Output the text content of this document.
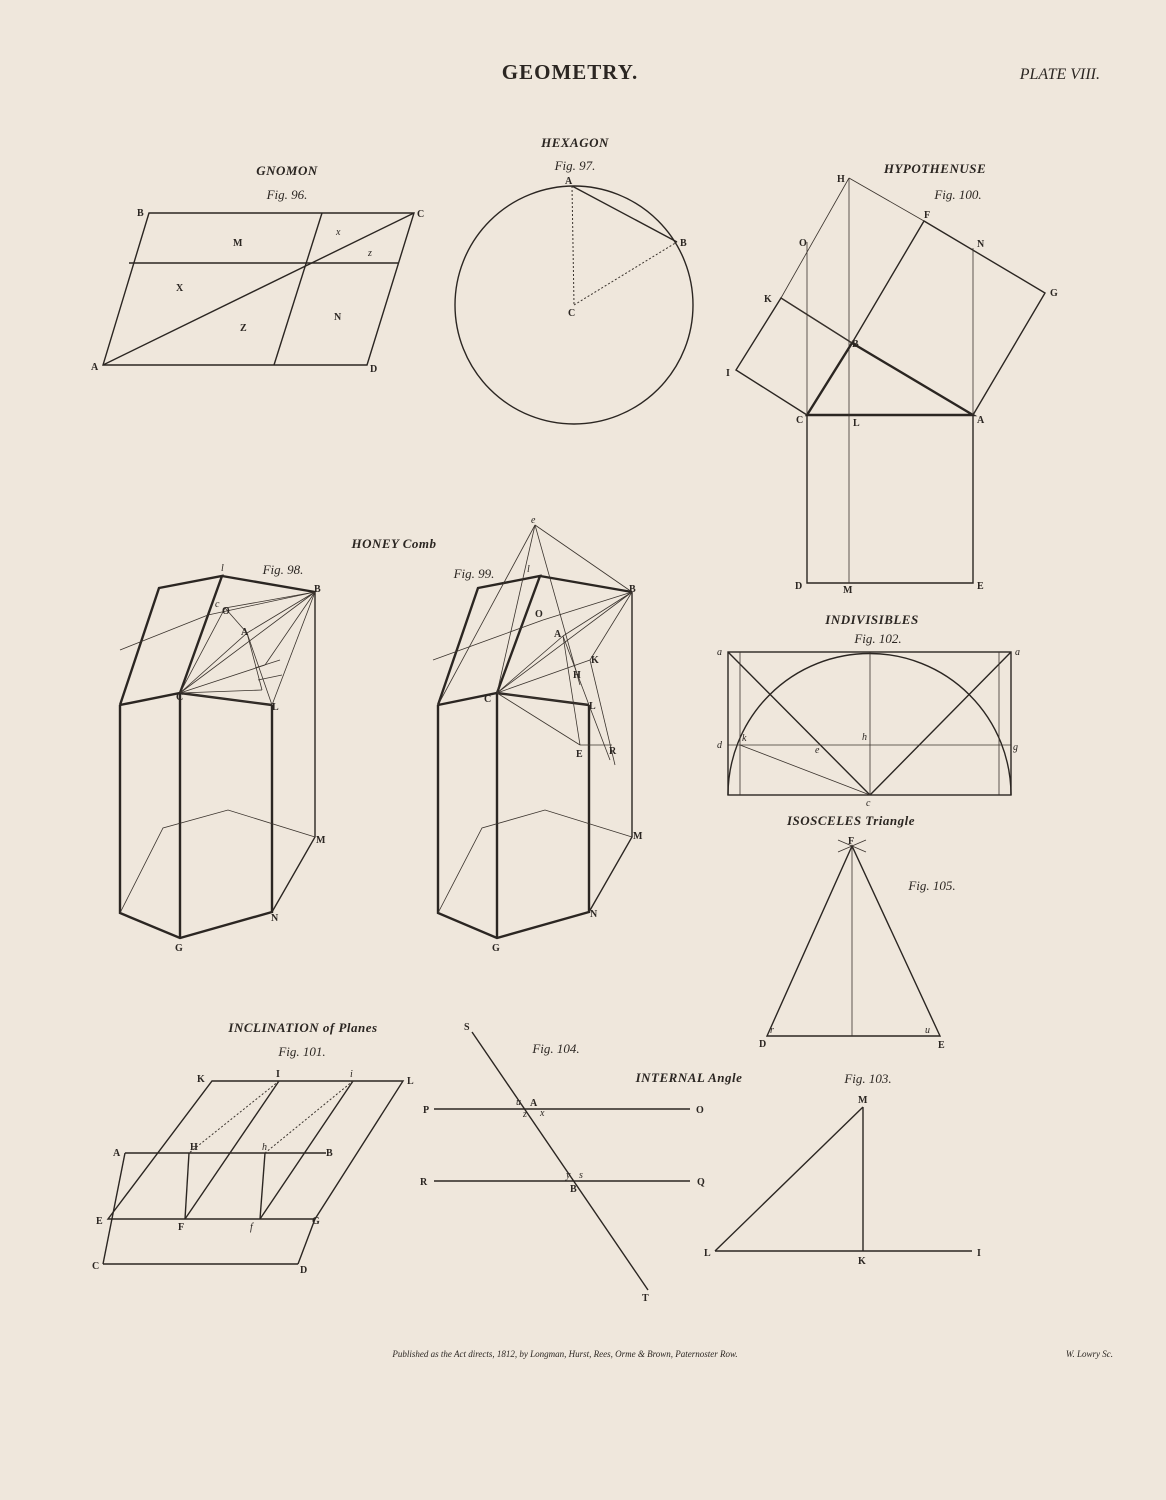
GEOMETRY.	PLATE VIII.
GNOMON
Fig. 96.
B	C
A	D
M
X
Z
N
x
z
HEXAGON
Fig. 97.
A
B
C
HYPOTHENUSE
Fig. 100.
H
F
O	N
K
G
B
I
C	L	A
D	M	E
HONEY Comb
Fig. 98.
l
B
c
O
A
C
L
M
N
G
Fig. 99.
e
l
B
O
A
K
H
C
L
E	R
M
N
G
INDIVISIBLES
Fig. 102.
a	a
d
k
e
h
g
c
ISOSCELES Triangle
Fig. 105.
F
D	E
r	u
INCLINATION of Planes
Fig. 101.
K	I	i
L
A
H	h
B
E
F	f
G
C	D
Fig. 104.
INTERNAL Angle
S
P
A
O
u
x
z
R
y s
B
Q
T
Fig. 103.
M
L
K
I
Published as the Act directs, 1812, by Longman, Hurst, Rees, Orme & Brown, Paternoster Row.	W. Lowry Sc.
